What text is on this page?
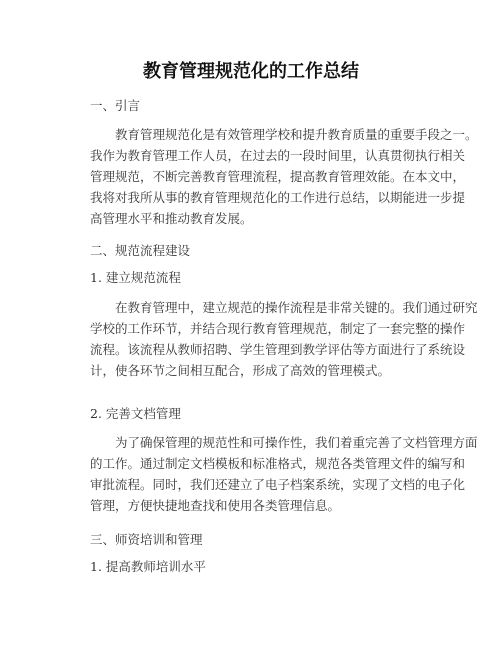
教育管理规范化的工作总结

一、引言

教育管理规范化是有效管理学校和提升教育质量的重要手段之一。
我作为教育管理工作人员，在过去的一段时间里，认真贯彻执行相关
管理规范，不断完善教育管理流程，提高教育管理效能。在本文中，
我将对我所从事的教育管理规范化的工作进行总结，以期能进一步提
高管理水平和推动教育发展。

二、规范流程建设

1. 建立规范流程

在教育管理中，建立规范的操作流程是非常关键的。我们通过研究
学校的工作环节，并结合现行教育管理规范，制定了一套完整的操作
流程。该流程从教师招聘、学生管理到教学评估等方面进行了系统设
计，使各环节之间相互配合，形成了高效的管理模式。

2. 完善文档管理

为了确保管理的规范性和可操作性，我们着重完善了文档管理方面
的工作。通过制定文档模板和标准格式，规范各类管理文件的编写和
审批流程。同时，我们还建立了电子档案系统，实现了文档的电子化
管理，方便快捷地查找和使用各类管理信息。

三、师资培训和管理

1. 提高教师培训水平
